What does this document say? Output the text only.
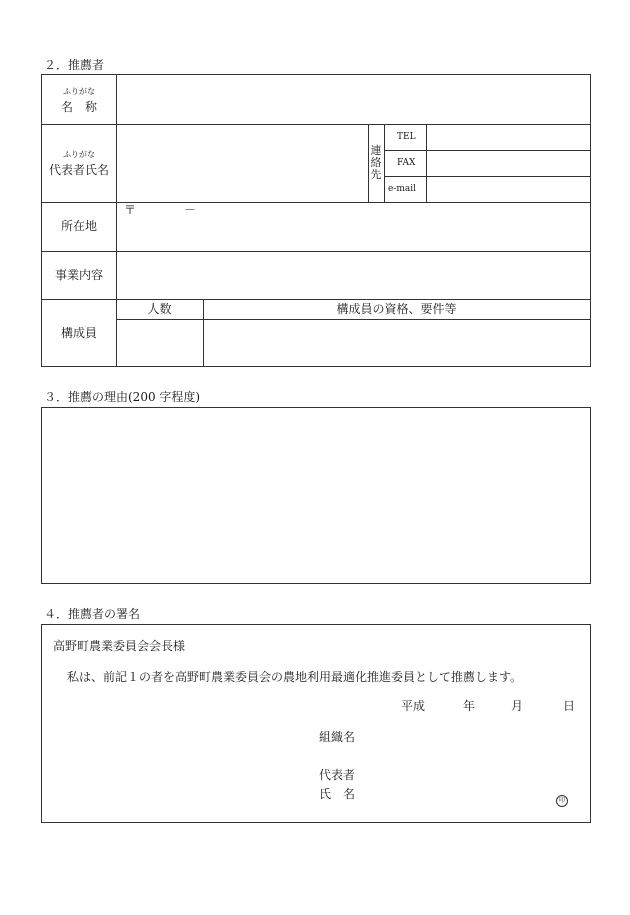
２．推薦者
ふりがな
名　称
ふりがな
代表者氏名
連
絡
先
TEL
FAX
e-mail
所在地
〒	－
事業内容
構成員
人数	構成員の資格、要件等
３．推薦の理由(200 字程度)
４．推薦者の署名
高野町農業委員会会長様
私は、前記１の者を高野町農業委員会の農地利用最適化推進委員として推薦します。
平成	年	月	日
組織名
代表者
氏　名	印
